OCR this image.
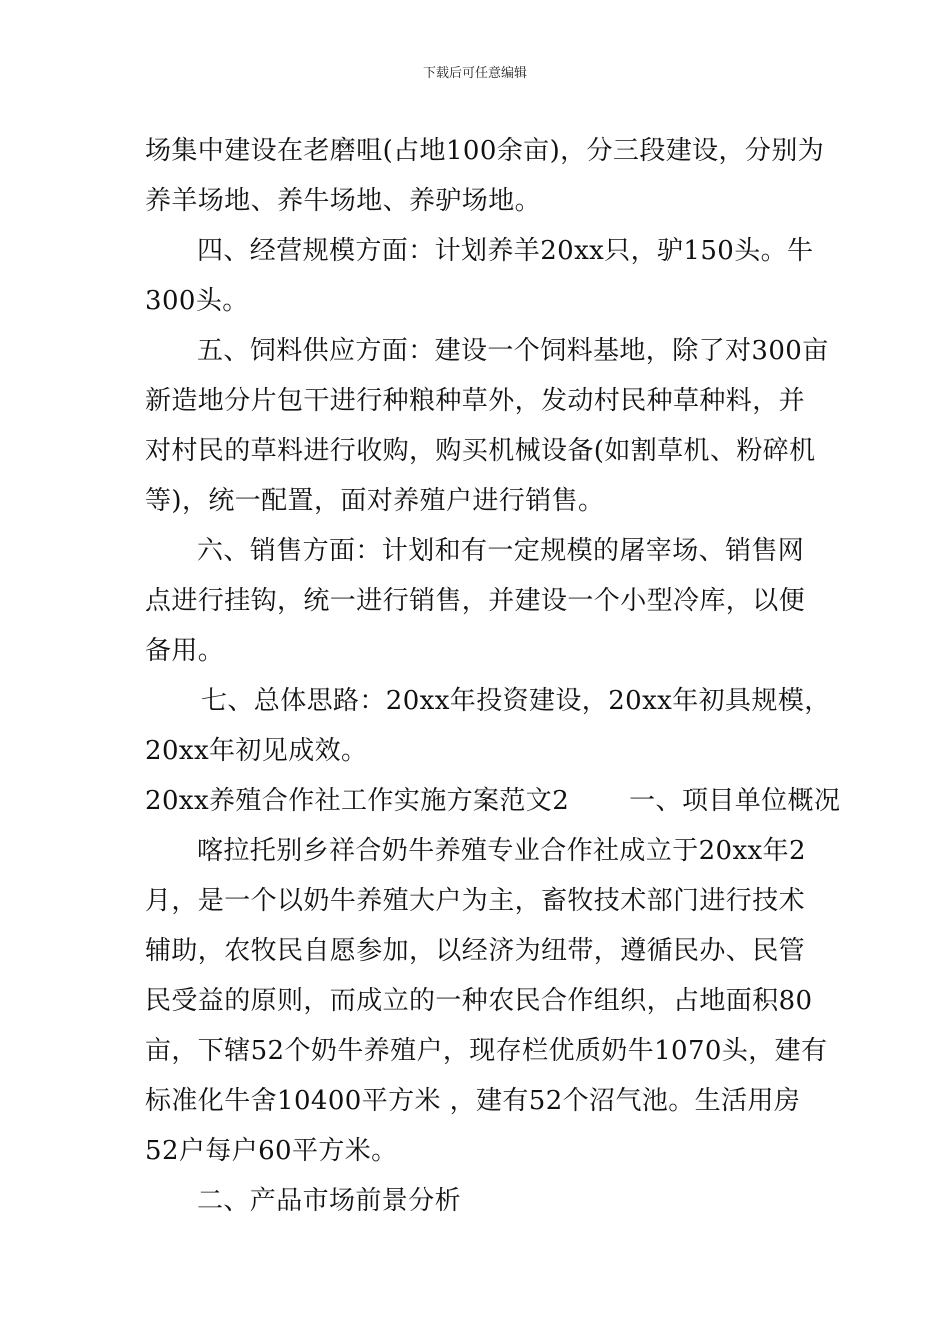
下载后可任意编辑
场集中建设在老磨咀(占地100余亩)，分三段建设，分别为
养羊场地、养牛场地、养驴场地。
四、经营规模方面：计划养羊20xx只，驴150头。牛
300头。
五、饲料供应方面：建设一个饲料基地，除了对300亩
新造地分片包干进行种粮种草外，发动村民种草种料，并
对村民的草料进行收购，购买机械设备(如割草机、粉碎机
等)，统一配置，面对养殖户进行销售。
六、销售方面：计划和有一定规模的屠宰场、销售网
点进行挂钩，统一进行销售，并建设一个小型冷库，以便
备用。
七、总体思路：20xx年投资建设，20xx年初具规模，
20xx年初见成效。
20xx养殖合作社工作实施方案范文2 一、项目单位概况
喀拉托别乡祥合奶牛养殖专业合作社成立于20xx年2
月，是一个以奶牛养殖大户为主，畜牧技术部门进行技术
辅助，农牧民自愿参加，以经济为纽带，遵循民办、民管
民受益的原则，而成立的一种农民合作组织，占地面积80
亩，下辖52个奶牛养殖户，现存栏优质奶牛1070头，建有
标准化牛舍10400平方米 ，建有52个沼气池。生活用房
52户每户60平方米。
二、产品市场前景分析
